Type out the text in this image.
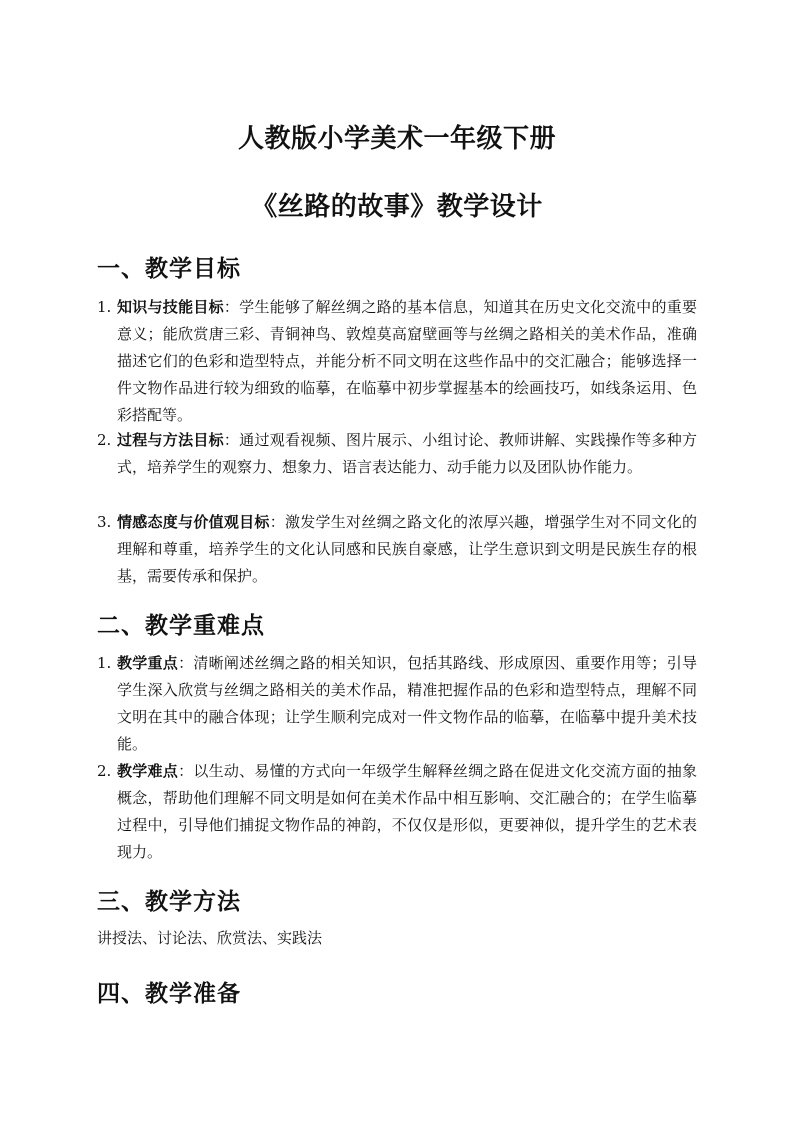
人教版小学美术一年级下册
《丝路的故事》教学设计
一、教学目标
1. 知识与技能目标：学生能够了解丝绸之路的基本信息，知道其在历史文化交流中的重要意义；能欣赏唐三彩、青铜神鸟、敦煌莫高窟壁画等与丝绸之路相关的美术作品，准确描述它们的色彩和造型特点，并能分析不同文明在这些作品中的交汇融合；能够选择一件文物作品进行较为细致的临摹，在临摹中初步掌握基本的绘画技巧，如线条运用、色彩搭配等。
2. 过程与方法目标：通过观看视频、图片展示、小组讨论、教师讲解、实践操作等多种方式，培养学生的观察力、想象力、语言表达能力、动手能力以及团队协作能力。
3. 情感态度与价值观目标：激发学生对丝绸之路文化的浓厚兴趣，增强学生对不同文化的理解和尊重，培养学生的文化认同感和民族自豪感，让学生意识到文明是民族生存的根基，需要传承和保护。
二、教学重难点
1. 教学重点：清晰阐述丝绸之路的相关知识，包括其路线、形成原因、重要作用等；引导学生深入欣赏与丝绸之路相关的美术作品，精准把握作品的色彩和造型特点，理解不同文明在其中的融合体现；让学生顺利完成对一件文物作品的临摹，在临摹中提升美术技能。
2. 教学难点：以生动、易懂的方式向一年级学生解释丝绸之路在促进文化交流方面的抽象概念，帮助他们理解不同文明是如何在美术作品中相互影响、交汇融合的；在学生临摹过程中，引导他们捕捉文物作品的神韵，不仅仅是形似，更要神似，提升学生的艺术表现力。
三、教学方法
讲授法、讨论法、欣赏法、实践法
四、教学准备
